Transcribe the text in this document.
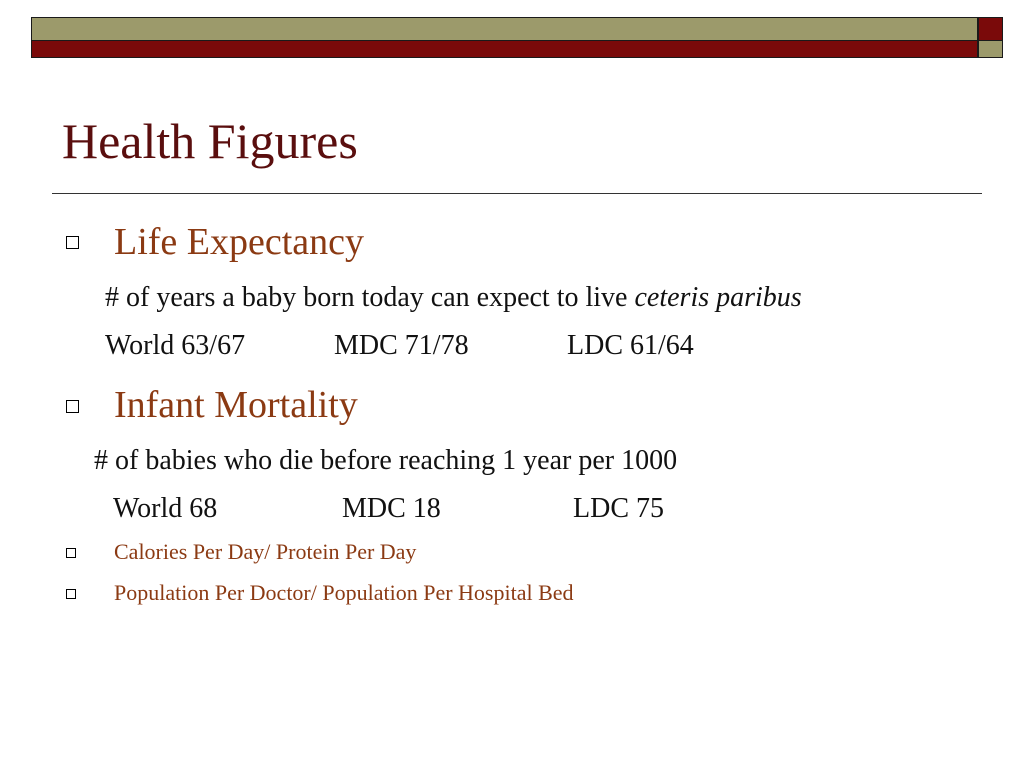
Health Figures
Life Expectancy

# of years a baby born today can expect to live ceteris paribus

World 63/67	MDC 71/78	LDC 61/64
Infant Mortality

# of babies who die before reaching 1 year per 1000

World 68	MDC 18	LDC 75

Calories Per Day/ Protein Per Day

Population Per Doctor/ Population Per Hospital Bed
